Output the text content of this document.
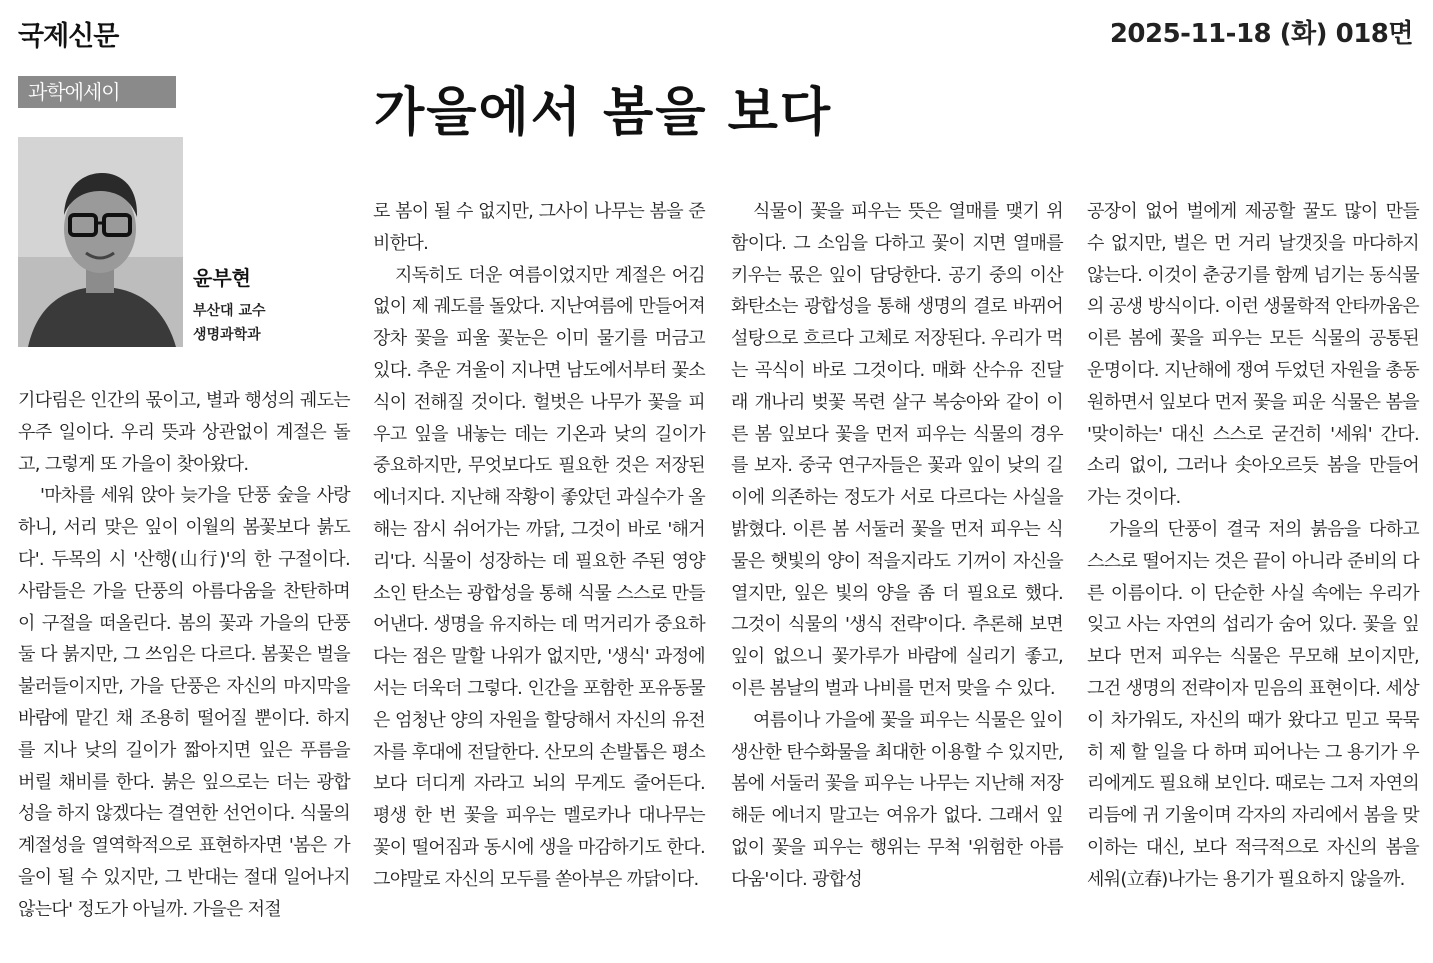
국제신문	2025-11-18 (화) 018면
과학에세이	가을에서 봄을 보다
윤부현
부산대 교수
생명과학과

기다림은 인간의 몫이고, 별과 행성의 궤도는 우주 일이다. 우리 뜻과 상관없이 계절은 돌고, 그렇게 또 가을이 찾아왔다.

'마차를 세워 앉아 늦가을 단풍 숲을 사랑하니, 서리 맞은 잎이 이월의 봄꽃보다 붉도다'. 두목의 시 '산행(山行)'의 한 구절이다. 사람들은 가을 단풍의 아름다움을 찬탄하며 이 구절을 떠올린다. 봄의 꽃과 가을의 단풍 둘 다 붉지만, 그 쓰임은 다르다. 봄꽃은 벌을 불러들이지만, 가을 단풍은 자신의 마지막을 바람에 맡긴 채 조용히 떨어질 뿐이다. 하지를 지나 낮의 길이가 짧아지면 잎은 푸름을 버릴 채비를 한다. 붉은 잎으로는 더는 광합성을 하지 않겠다는 결연한 선언이다. 식물의 계절성을 열역학적으로 표현하자면 '봄은 가을이 될 수 있지만, 그 반대는 절대 일어나지 않는다' 정도가 아닐까. 가을은 저절

로 봄이 될 수 없지만, 그사이 나무는 봄을 준비한다.

지독히도 더운 여름이었지만 계절은 어김없이 제 궤도를 돌았다. 지난여름에 만들어져 장차 꽃을 피울 꽃눈은 이미 물기를 머금고 있다. 추운 겨울이 지나면 남도에서부터 꽃소식이 전해질 것이다. 헐벗은 나무가 꽃을 피우고 잎을 내놓는 데는 기온과 낮의 길이가 중요하지만, 무엇보다도 필요한 것은 저장된 에너지다. 지난해 작황이 좋았던 과실수가 올해는 잠시 쉬어가는 까닭, 그것이 바로 '해거리'다. 식물이 성장하는 데 필요한 주된 영양소인 탄소는 광합성을 통해 식물 스스로 만들어낸다. 생명을 유지하는 데 먹거리가 중요하다는 점은 말할 나위가 없지만, '생식' 과정에서는 더욱더 그렇다. 인간을 포함한 포유동물은 엄청난 양의 자원을 할당해서 자신의 유전자를 후대에 전달한다. 산모의 손발톱은 평소보다 더디게 자라고 뇌의 무게도 줄어든다. 평생 한 번 꽃을 피우는 멜로카나 대나무는 꽃이 떨어짐과 동시에 생을 마감하기도 한다. 그야말로 자신의 모두를 쏟아부은 까닭이다.

식물이 꽃을 피우는 뜻은 열매를 맺기 위함이다. 그 소임을 다하고 꽃이 지면 열매를 키우는 몫은 잎이 담당한다. 공기 중의 이산화탄소는 광합성을 통해 생명의 결로 바뀌어 설탕으로 흐르다 고체로 저장된다. 우리가 먹는 곡식이 바로 그것이다. 매화 산수유 진달래 개나리 벚꽃 목련 살구 복숭아와 같이 이른 봄 잎보다 꽃을 먼저 피우는 식물의 경우를 보자. 중국 연구자들은 꽃과 잎이 낮의 길이에 의존하는 정도가 서로 다르다는 사실을 밝혔다. 이른 봄 서둘러 꽃을 먼저 피우는 식물은 햇빛의 양이 적을지라도 기꺼이 자신을 열지만, 잎은 빛의 양을 좀 더 필요로 했다. 그것이 식물의 '생식 전략'이다. 추론해 보면 잎이 없으니 꽃가루가 바람에 실리기 좋고, 이른 봄날의 벌과 나비를 먼저 맞을 수 있다.

여름이나 가을에 꽃을 피우는 식물은 잎이 생산한 탄수화물을 최대한 이용할 수 있지만, 봄에 서둘러 꽃을 피우는 나무는 지난해 저장해둔 에너지 말고는 여유가 없다. 그래서 잎 없이 꽃을 피우는 행위는 무척 '위험한 아름다움'이다. 광합성

공장이 없어 벌에게 제공할 꿀도 많이 만들 수 없지만, 벌은 먼 거리 날갯짓을 마다하지 않는다. 이것이 춘궁기를 함께 넘기는 동식물의 공생 방식이다. 이런 생물학적 안타까움은 이른 봄에 꽃을 피우는 모든 식물의 공통된 운명이다. 지난해에 쟁여 두었던 자원을 총동원하면서 잎보다 먼저 꽃을 피운 식물은 봄을 '맞이하는' 대신 스스로 굳건히 '세워' 간다. 소리 없이, 그러나 솟아오르듯 봄을 만들어 가는 것이다.

가을의 단풍이 결국 저의 붉음을 다하고 스스로 떨어지는 것은 끝이 아니라 준비의 다른 이름이다. 이 단순한 사실 속에는 우리가 잊고 사는 자연의 섭리가 숨어 있다. 꽃을 잎보다 먼저 피우는 식물은 무모해 보이지만, 그건 생명의 전략이자 믿음의 표현이다. 세상이 차가워도, 자신의 때가 왔다고 믿고 묵묵히 제 할 일을 다 하며 피어나는 그 용기가 우리에게도 필요해 보인다. 때로는 그저 자연의 리듬에 귀 기울이며 각자의 자리에서 봄을 맞이하는 대신, 보다 적극적으로 자신의 봄을 세워(立春)나가는 용기가 필요하지 않을까.
